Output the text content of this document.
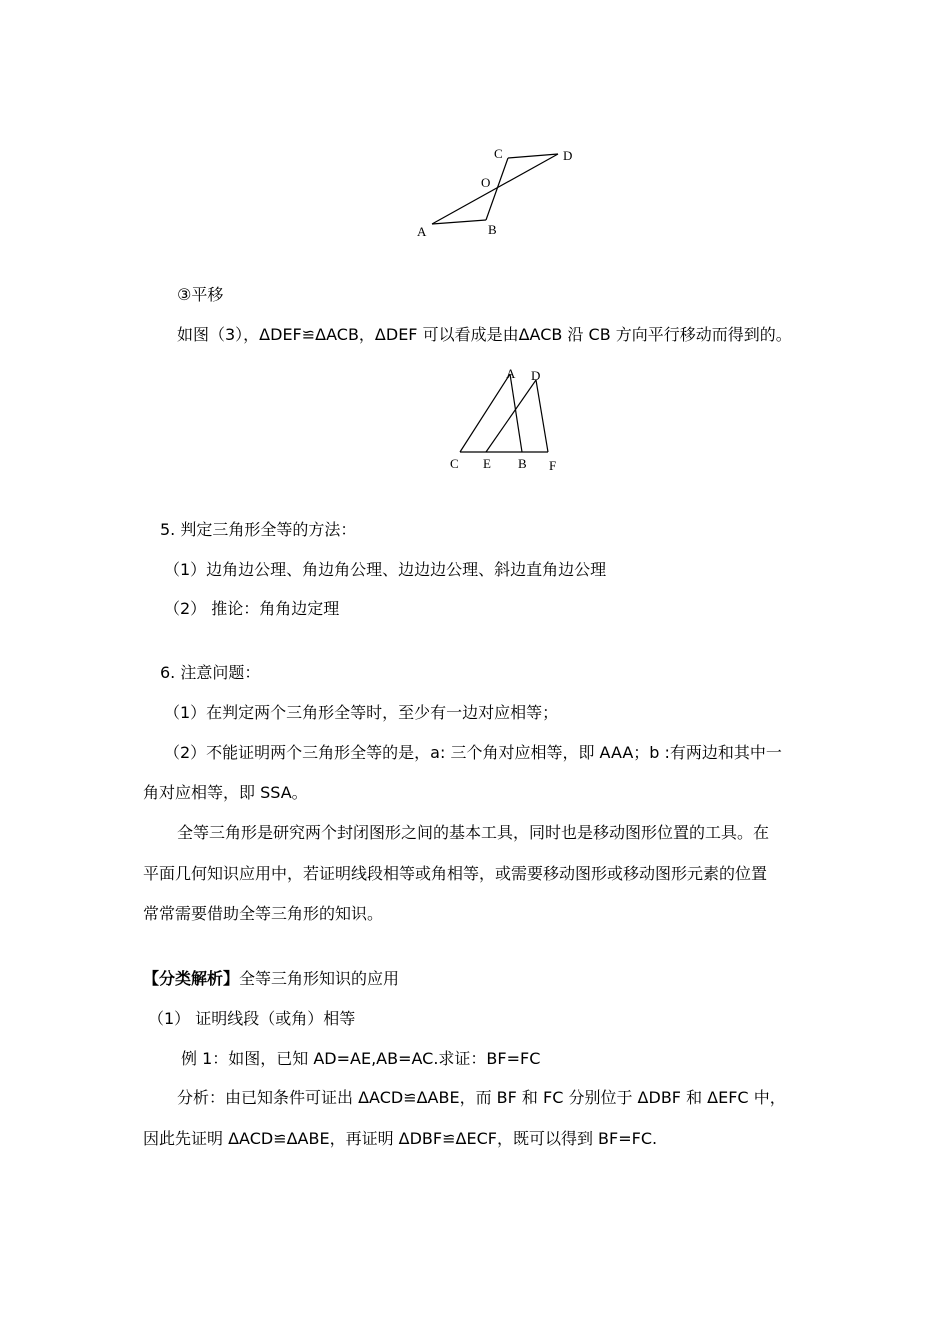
C	D
O
A	B
③平移
如图（3），ΔDEF≌ΔACB，ΔDEF 可以看成是由ΔACB 沿 CB 方向平行移动而得到的。
A D
C E B F
5. 判定三角形全等的方法：
（1）边角边公理、角边角公理、边边边公理、斜边直角边公理
（2） 推论：角角边定理
6. 注意问题：
（1）在判定两个三角形全等时，至少有一边对应相等；
（2）不能证明两个三角形全等的是，a: 三个角对应相等，即 AAA；b :有两边和其中一
角对应相等，即 SSA。
全等三角形是研究两个封闭图形之间的基本工具，同时也是移动图形位置的工具。在
平面几何知识应用中，若证明线段相等或角相等，或需要移动图形或移动图形元素的位置
常常需要借助全等三角形的知识。
【分类解析】全等三角形知识的应用
（1） 证明线段（或角）相等
例 1：如图，已知 AD=AE,AB=AC.求证：BF=FC
分析：由已知条件可证出 ΔACD≌ΔABE，而 BF 和 FC 分别位于 ΔDBF 和 ΔEFC 中，
因此先证明 ΔACD≌ΔABE，再证明 ΔDBF≌ΔECF，既可以得到 BF=FC.
